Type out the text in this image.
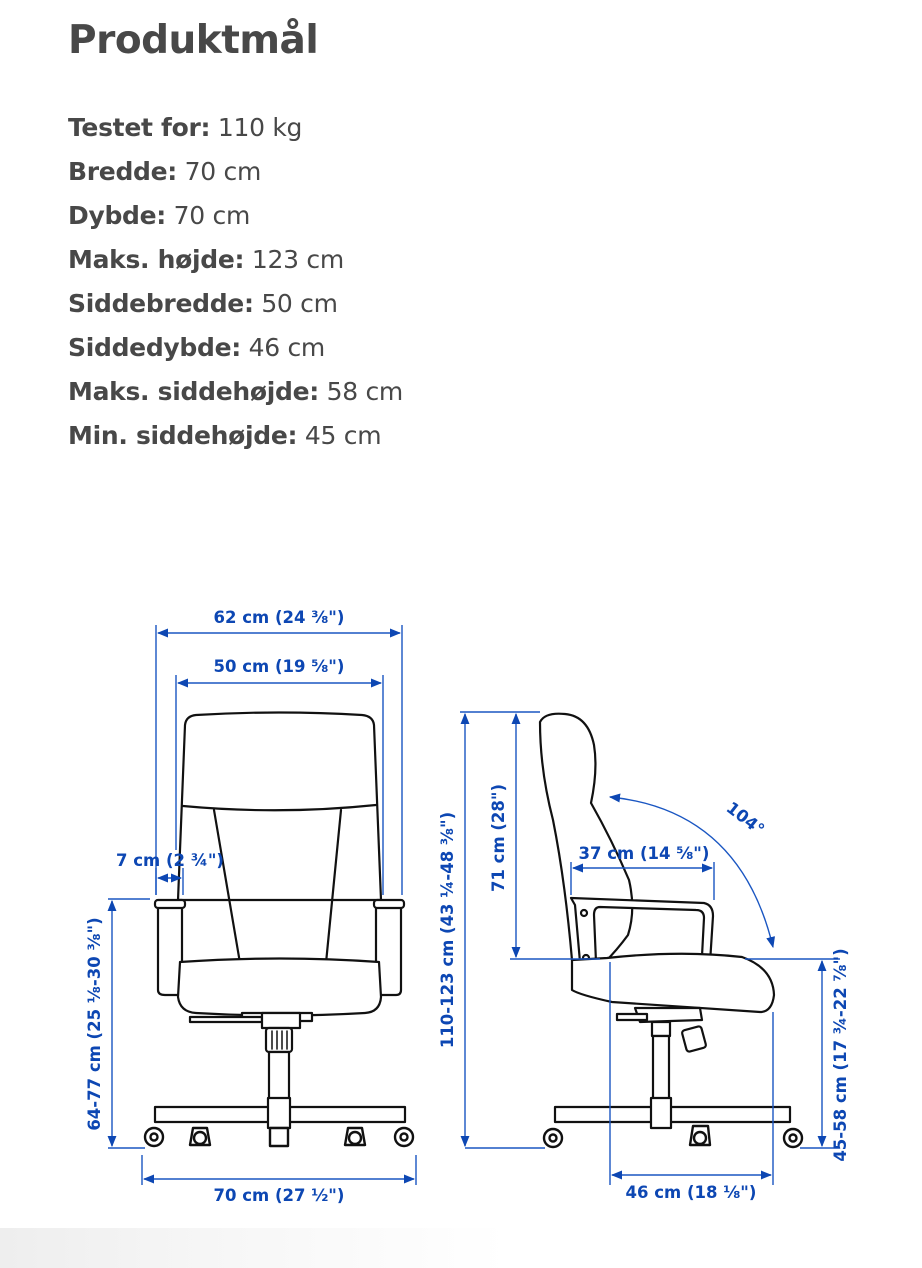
Produktmål
Testet for: 110 kg
Bredde: 70 cm
Dybde: 70 cm
Maks. højde: 123 cm
Siddebredde: 50 cm
Siddedybde: 46 cm
Maks. siddehøjde: 58 cm
Min. siddehøjde: 45 cm
62 cm (24 ⅜")
50 cm (19 ⅝")
7 cm (2 ¾")
64-77 cm (25 ⅛-30 ⅜")
70 cm (27 ½")
110-123 cm (43 ¼-48 ⅜") 71 cm (28")	37 cm (14 ⅝")
104°
45-58 cm (17 ¾-22 ⅞")
46 cm (18 ⅛")
